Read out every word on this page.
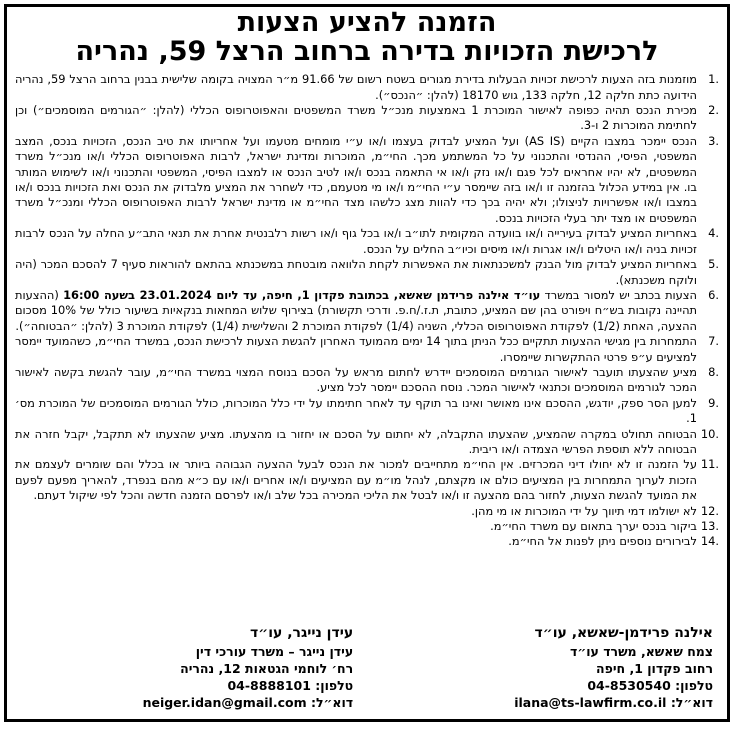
הזמנה להציע הצעות
לרכישת הזכויות בדירה ברחוב הרצל 59, נהריה
1.
מוזמנות בזה הצעות לרכישת זכויות הבעלות בדירת מגורים בשטח רשום של 91.66 מ״ר המצויה בקומה שלישית בבנין ברחוב הרצל 59, נהריה הידועה כתת חלקה 12, חלקה 133, גוש 18170 (להלן: ״הנכס״).
2.
מכירת הנכס תהיה כפופה לאישור המוכרת 1 באמצעות מנכ״ל משרד המשפטים והאפוטרופוס הכללי (להלן: ״הגורמים המוסמכים״) וכן לחתימת המוכרות 2 ו-3.
3.
הנכס יימכר במצבו הקיים (AS IS) ועל המציע לבדוק בעצמו ו/או ע״י מומחים מטעמו ועל אחריותו את טיב הנכס, הזכויות בנכס, המצב המשפטי, הפיסי, ההנדסי והתכנוני על כל המשתמע מכך. החי״מ, המוכרות ומדינת ישראל, לרבות האפוטרופוס הכללי ו/או מנכ״ל משרד המשפטים, לא יהיו אחראים לכל פגם ו/או נזק ו/או אי התאמה בנכס ו/או לטיב הנכס או למצבו הפיסי, המשפטי והתכנוני ו/או לשימוש המותר בו. אין במידע הכלול בהזמנה זו ו/או בזה שיימסר ע״י החי״מ ו/או מי מטעמם, כדי לשחרר את המציע מלבדוק את הנכס ואת הזכויות בנכס ו/או במצבו ו/או אפשרויות לניצולו; ולא יהיה בכך כדי להוות מצג כלשהו מצד החי״מ או מדינת ישראל לרבות האפוטרופוס הכללי ומנכ״ל משרד המשפטים או מצד יתר בעלי הזכויות בנכס.
4.
באחריות המציע לבדוק בעירייה ו/או בוועדה המקומית לתו״ב ו/או בכל גוף ו/או רשות רלבנטית אחרת את תנאי התב״ע החלה על הנכס לרבות זכויות בניה ו/או היטלים ו/או אגרות ו/או מיסים וכיו״ב החלים על הנכס.
5.
באחריות המציע לבדוק מול הבנק למשכנתאות את האפשרות לקחת הלוואה מובטחת במשכנתא בהתאם להוראות סעיף 7 להסכם המכר (היה ולוקח משכנתא).
6.
הצעות בכתב יש למסור במשרד עו״ד אילנה פרידמן שאשא, בכתובת פקדון 1, חיפה, עד ליום 23.01.2024 בשעה 16:00 (ההצעות תהיינה נקובות בש״ח ויפורט בהן שם המציע, כתובת, ת.ז./ח.פ. ודרכי תקשורת) בצירוף שלוש המחאות בנקאיות בשיעור כולל של 10% מסכום ההצעה, האחת (1/2) לפקודת האפוטרופוס הכללי, השניה (1/4) לפקודת המוכרת 2 והשלישית (1/4) לפקודת המוכרת 3 (להלן: ״הבטוחה״).
7.
התמחרות בין מגישי ההצעות תתקיים ככל הניתן בתוך 14 ימים מהמועד האחרון להגשת הצעות לרכישת הנכס, במשרד החי״מ, כשהמועד יימסר למציעים ע״פ פרטי ההתקשרות שיימסרו.
8.
מציע שהצעתו תועבר לאישור הגורמים המוסמכים יידרש לחתום מראש על הסכם בנוסח המצוי במשרד החי״מ, עובר להגשת בקשה לאישור המכר לגורמים המוסמכים וכתנאי לאישור המכר. נוסח ההסכם יימסר לכל מציע.
9.
למען הסר ספק, יודגש, ההסכם אינו מאושר ואינו בר תוקף עד לאחר חתימתו על ידי כלל המוכרות, כולל הגורמים המוסמכים של המוכרת מס׳ 1.
10.
הבטוחה תחולט במקרה שהמציע, שהצעתו התקבלה, לא יחתום על הסכם או יחזור בו מהצעתו. מציע שהצעתו לא תתקבל, יקבל חזרה את הבטוחה ללא תוספת הפרשי הצמדה ו/או ריבית.
11.
על הזמנה זו לא יחולו דיני המכרזים. אין החי״מ מתחייבים למכור את הנכס לבעל ההצעה הגבוהה ביותר או בכלל והם שומרים לעצמם את הזכות לערוך התמחרות בין המציעים כולם או מקצתם, לנהל מו״מ עם המציעים ו/או אחרים ו/או עם כ״א מהם בנפרד, להאריך מפעם לפעם את המועד להגשת הצעות, לחזור בהם מהצעה זו ו/או לבטל את הליכי המכירה בכל שלב ו/או לפרסם הזמנה חדשה והכל לפי שיקול דעתם.
12.
לא ישולמו דמי תיווך על ידי המוכרות או מי מהן.
13.
ביקור בנכס יערך בתאום עם משרד החי״מ.
14.
לבירורים נוספים ניתן לפנות אל החי״מ.
אילנה פרידמן-שאשא, עו״ד
צמח שאשא, משרד עו״ד
רחוב פקדון 1, חיפה
טלפון: 04-8530540
דוא״ל: ilana@ts-lawfirm.co.il
עידן נייגר, עו״ד
עידן נייגר – משרד עורכי דין
רח׳ לוחמי הגטאות 12, נהריה
טלפון: 04-8888101
דוא״ל: neiger.idan@gmail.com
